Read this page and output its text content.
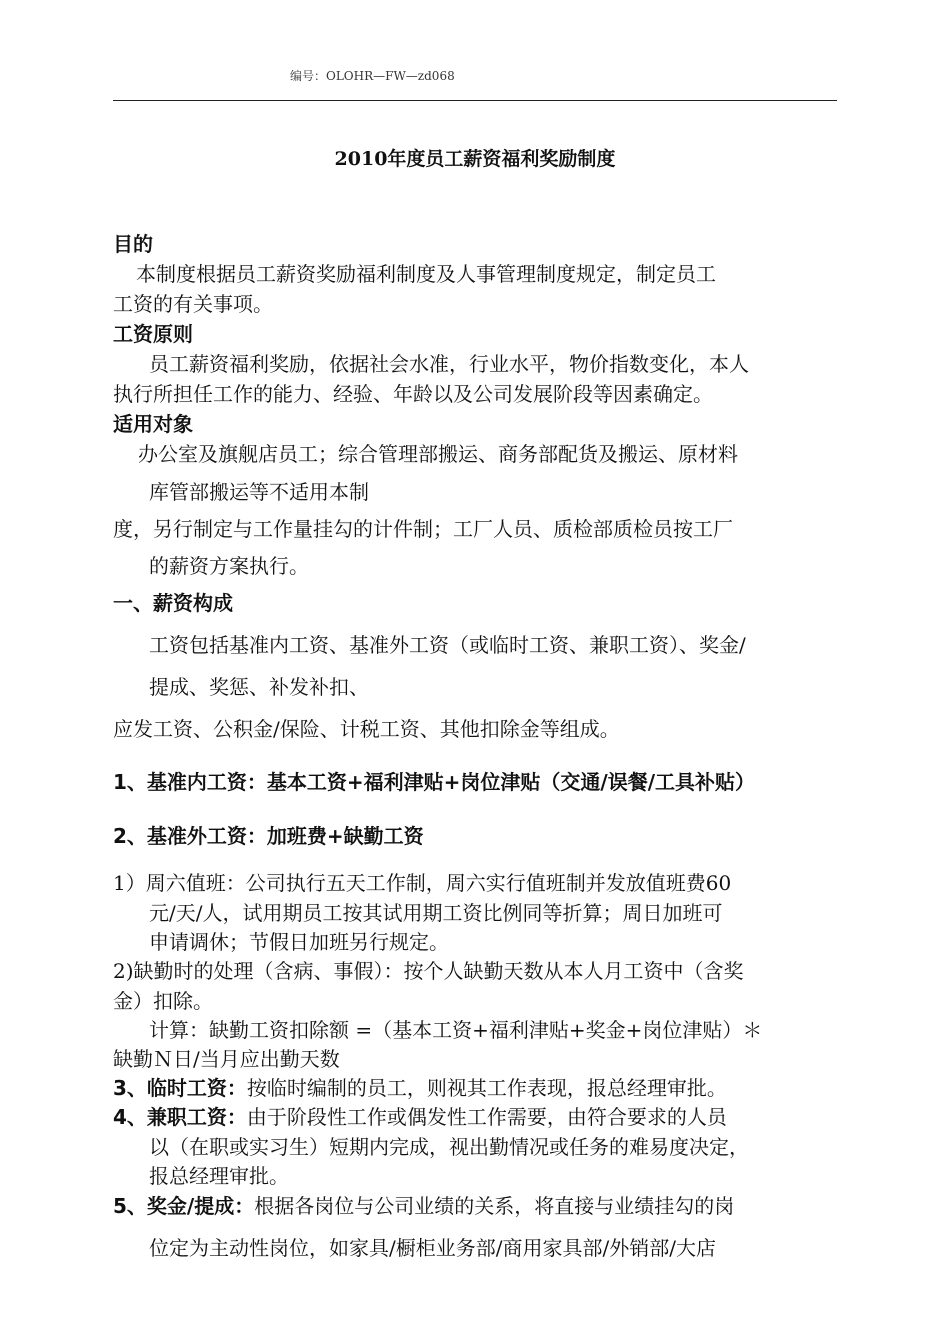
编号：OLOHR—FW—zd068
2010年度员工薪资福利奖励制度
目的
本制度根据员工薪资奖励福利制度及人事管理制度规定，制定员工
工资的有关事项。
工资原则
员工薪资福利奖励，依据社会水准，行业水平，物价指数变化，本人
执行所担任工作的能力、经验、年龄以及公司发展阶段等因素确定。
适用对象
办公室及旗舰店员工；综合管理部搬运、商务部配货及搬运、原材料
库管部搬运等不适用本制
度，另行制定与工作量挂勾的计件制；工厂人员、质检部质检员按工厂
的薪资方案执行。
一、薪资构成
工资包括基准内工资、基准外工资（或临时工资、兼职工资）、奖金/
提成、奖惩、补发补扣、
应发工资、公积金/保险、计税工资、其他扣除金等组成。
1、基准内工资：基本工资+福利津贴+岗位津贴（交通/误餐/工具补贴）
2、基准外工资：加班费+缺勤工资
1）周六值班：公司执行五天工作制，周六实行值班制并发放值班费60
元/天/人，试用期员工按其试用期工资比例同等折算；周日加班可
申请调休；节假日加班另行规定。
2)缺勤时的处理（含病、事假）：按个人缺勤天数从本人月工资中（含奖
金）扣除。
计算：缺勤工资扣除额 =（基本工资+福利津贴+奖金+岗位津贴）＊
缺勤Ｎ日/当月应出勤天数
3、临时工资：按临时编制的员工，则视其工作表现，报总经理审批。
4、兼职工资：由于阶段性工作或偶发性工作需要，由符合要求的人员
以（在职或实习生）短期内完成，视出勤情况或任务的难易度决定，
报总经理审批。
5、奖金/提成：根据各岗位与公司业绩的关系，将直接与业绩挂勾的岗
位定为主动性岗位，如家具/橱柜业务部/商用家具部/外销部/大店
